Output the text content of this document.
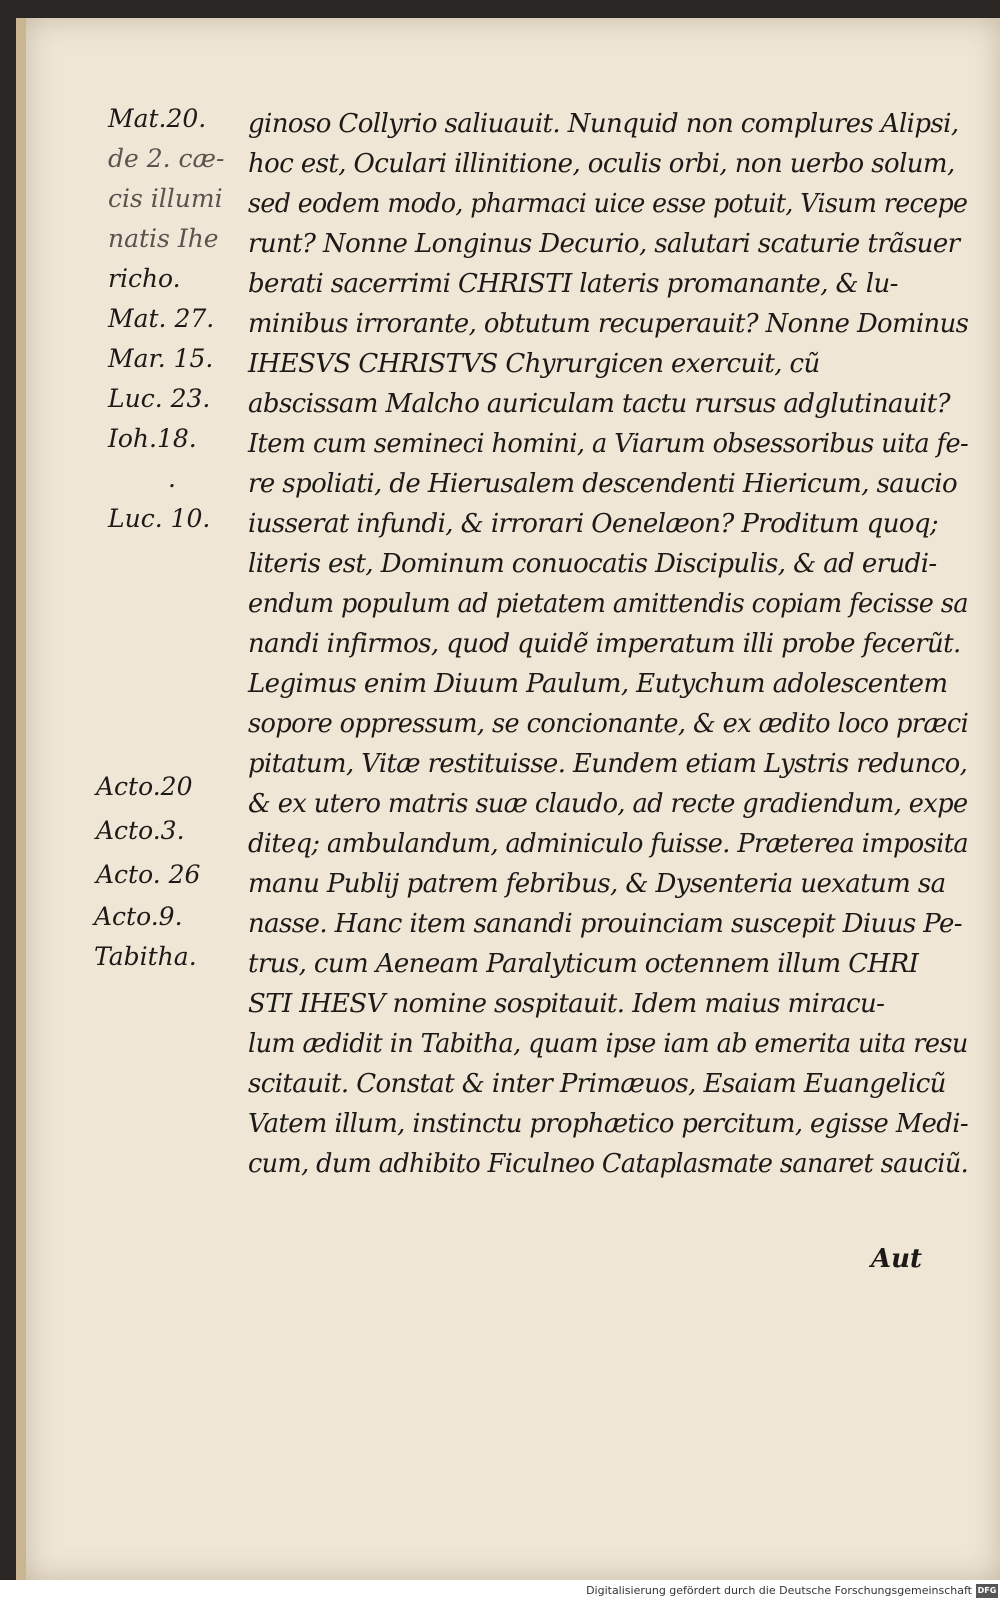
Mat.20.
de 2. cæ-
cis illumi
natis Ihe
richo.
Mat. 27.
Mar. 15.
Luc. 23.
Ioh.18.
.
Luc. 10.
Acto.20
Acto.3.
Acto. 26
Acto.9.
Tabitha.
ginoso Collyrio saliuauit. Nunquid non complures Alipsi,
hoc est, Oculari illinitione, oculis orbi, non uerbo solum,
sed eodem modo, pharmaci uice esse potuit, Visum recepe
runt? Nonne Longinus Decurio, salutari scaturie trãsuer
berati sacerrimi CHRISTI lateris promanante, & lu-
minibus irrorante, obtutum recuperauit? Nonne Dominus
IHESVS CHRISTVS Chyrurgicen exercuit, cũ
abscissam Malcho auriculam tactu rursus adglutinauit?
Item cum semineci homini, a Viarum obsessoribus uita fe-
re spoliati, de Hierusalem descendenti Hiericum, saucio
iusserat infundi, & irrorari Oenelæon? Proditum quoq;
literis est, Dominum conuocatis Discipulis, & ad erudi-
endum populum ad pietatem amittendis copiam fecisse sa
nandi infirmos, quod quidẽ imperatum illi probe fecerũt.
Legimus enim Diuum Paulum, Eutychum adolescentem
sopore oppressum, se concionante, & ex ædito loco præci
pitatum, Vitæ restituisse. Eundem etiam Lystris redunco,
& ex utero matris suæ claudo, ad recte gradiendum, expe
diteq; ambulandum, adminiculo fuisse. Præterea imposita
manu Publij patrem febribus, & Dysenteria uexatum sa
nasse. Hanc item sanandi prouinciam suscepit Diuus Pe-
trus, cum Aeneam Paralyticum octennem illum CHRI
STI IHESV nomine sospitauit. Idem maius miracu-
lum ædidit in Tabitha, quam ipse iam ab emerita uita resu
scitauit. Constat & inter Primæuos, Esaiam Euangelicũ
Vatem illum, instinctu prophætico percitum, egisse Medi-
cum, dum adhibito Ficulneo Cataplasmate sanaret sauciũ.
Aut
Digitalisierung gefördert durch die Deutsche Forschungsgemeinschaft DFG
